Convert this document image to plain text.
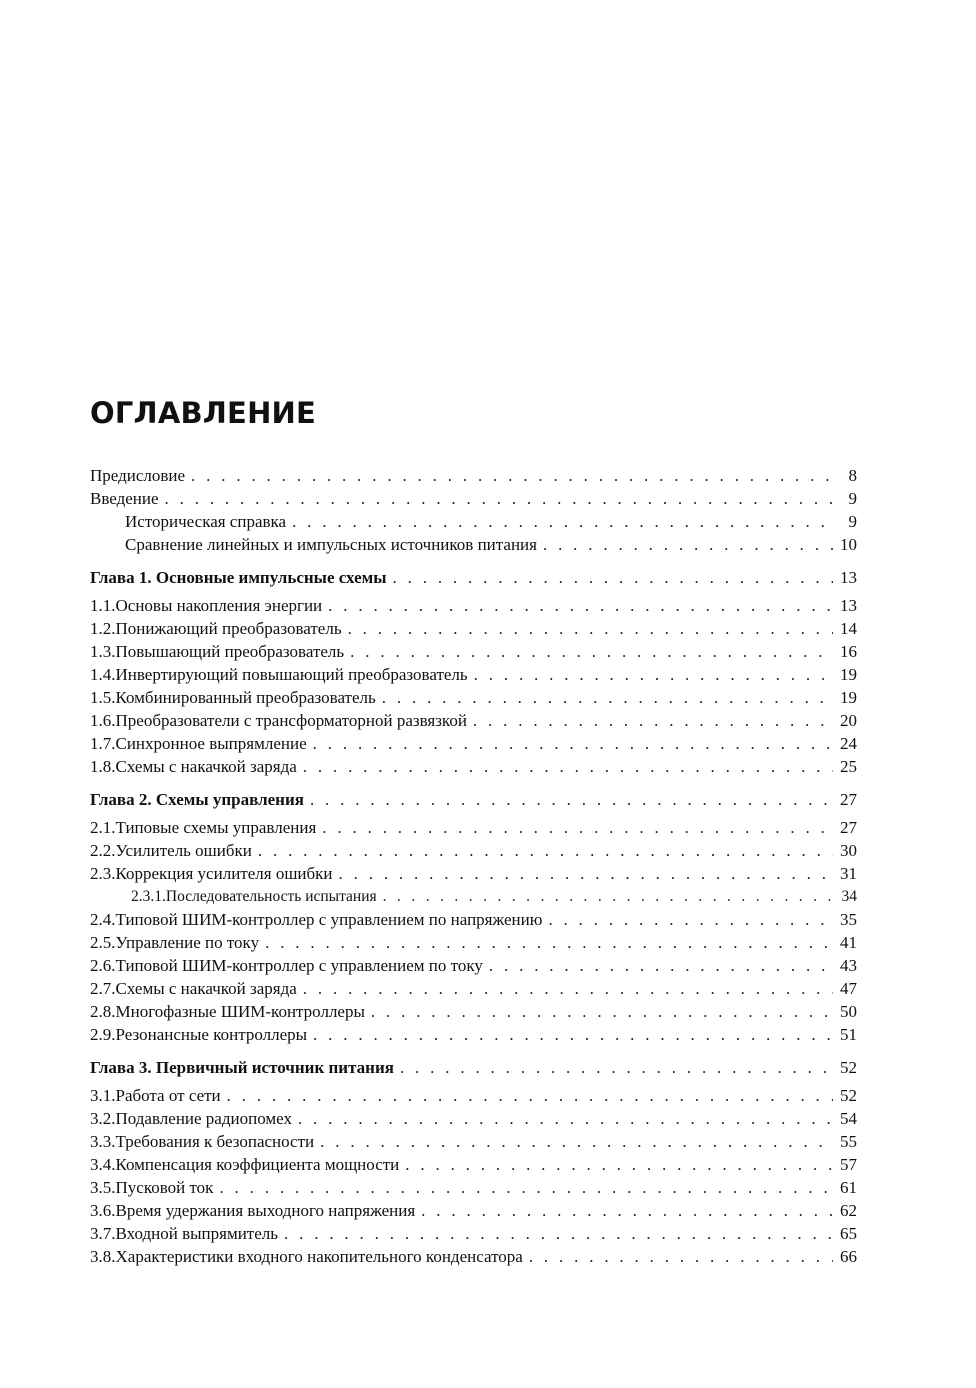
ОГЛАВЛЕНИЕ
Предисловие . . .	8
Введение . . .	9
Историческая справка . . .	9
Сравнение линейных и импульсных источников питания . . .	10
Глава 1. Основные импульсные схемы . . .	13
1.1. Основы накопления энергии . . .	13
1.2. Понижающий преобразователь . . .	14
1.3. Повышающий преобразователь . . .	16
1.4. Инвертирующий повышающий преобразователь . . .	19
1.5. Комбинированный преобразователь . . .	19
1.6. Преобразователи с трансформаторной развязкой . . .	20
1.7. Синхронное выпрямление . . .	24
1.8. Схемы с накачкой заряда . . .	25
Глава 2. Схемы управления . . .	27
2.1. Типовые схемы управления . . .	27
2.2. Усилитель ошибки . . .	30
2.3. Коррекция усилителя ошибки . . .	31
2.3.1.Последовательность испытания . . .	34
2.4. Типовой ШИМ-контроллер с управлением по напряжению . . .	35
2.5. Управление по току . . .	41
2.6. Типовой ШИМ-контроллер с управлением по току . . .	43
2.7. Схемы с накачкой заряда . . .	47
2.8. Многофазные ШИМ-контроллеры . . .	50
2.9. Резонансные контроллеры . . .	51
Глава 3. Первичный источник питания . . .	52
3.1. Работа от сети . . .	52
3.2. Подавление радиопомех . . .	54
3.3. Требования к безопасности . . .	55
3.4. Компенсация коэффициента мощности . . .	57
3.5. Пусковой ток . . .	61
3.6. Время удержания выходного напряжения . . .	62
3.7. Входной выпрямитель . . .	65
3.8. Характеристики входного накопительного конденсатора . . .	66
